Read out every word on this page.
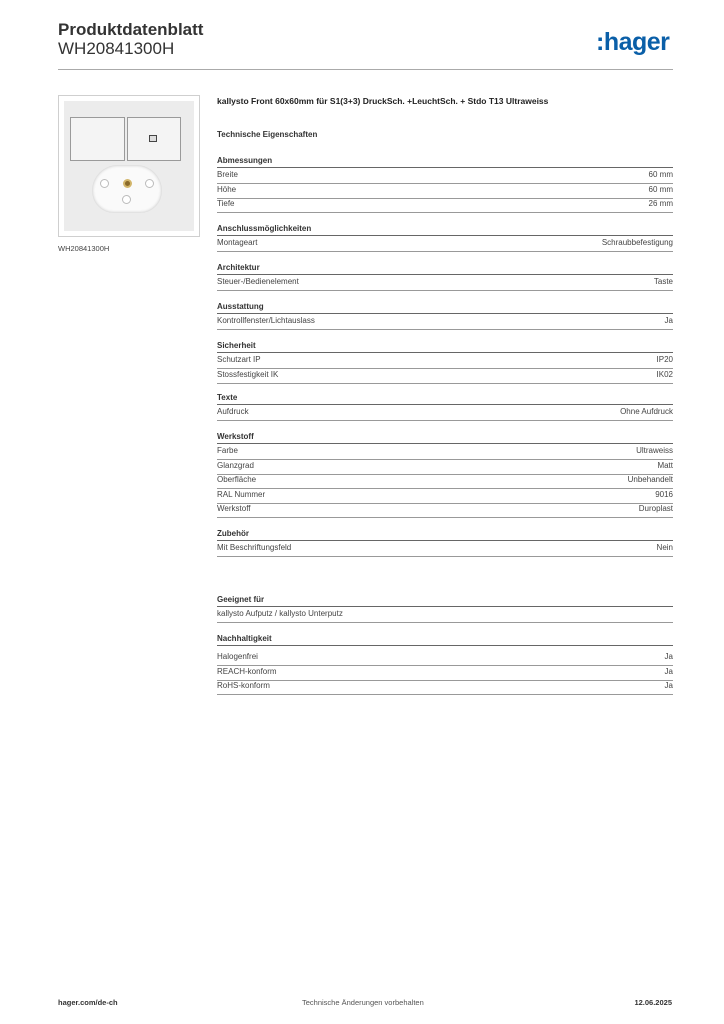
Produktdatenblatt
WH20841300H	:hager
WH20841300H
kallysto Front 60x60mm für S1(3+3) DruckSch. +LeuchtSch. + Stdo T13 Ultraweiss
Technische Eigenschaften
Abmessungen
Breite	60 mm
Höhe	60 mm
Tiefe	26 mm
Anschlussmöglichkeiten
Montageart	Schraubbefestigung
Architektur
Steuer-/Bedienelement	Taste
Ausstattung
Kontrollfenster/Lichtauslass	Ja
Sicherheit
Schutzart IP	IP20
Stossfestigkeit IK	IK02
Texte
Aufdruck	Ohne Aufdruck
Werkstoff
Farbe	Ultraweiss
Glanzgrad	Matt
Oberfläche	Unbehandelt
RAL Nummer	9016
Werkstoff	Duroplast
Zubehör
Mit Beschriftungsfeld	Nein
Geeignet für
kallysto Aufputz / kallysto Unterputz
Nachhaltigkeit
Halogenfrei	Ja
REACH-konform	Ja
RoHS-konform	Ja
hager.com/de-ch	Technische Änderungen vorbehalten	12.06.2025
